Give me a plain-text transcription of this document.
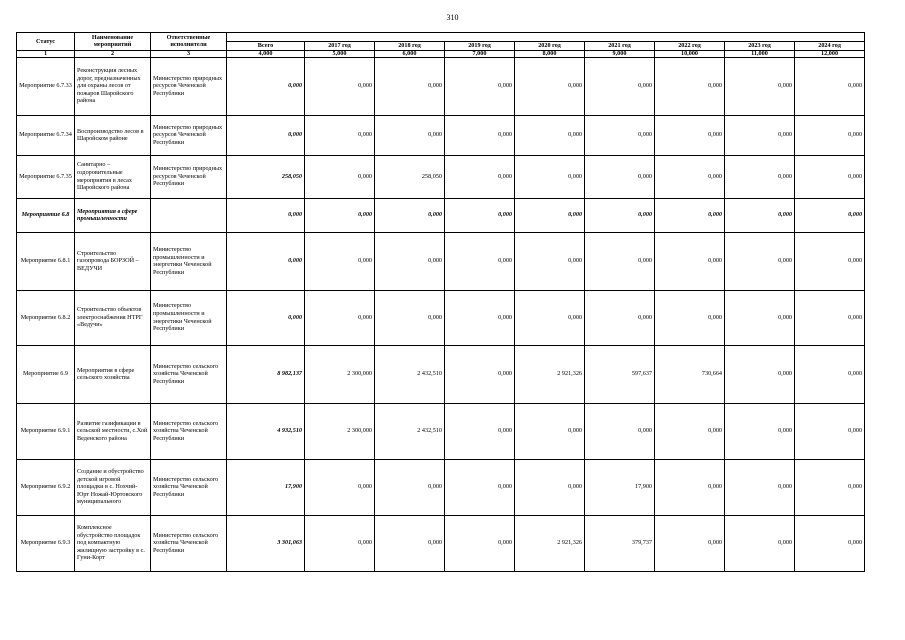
310
Статус	Наименование мероприятий	Ответственные исполнители									
			Всего	2017 год	2018 год	2019 год	2020 год	2021 год	2022 год	2023 год	2024 год
1	2	3	4,000	5,000	6,000	7,000	8,000	9,000	10,000	11,000	12,000
Мероприятие 6.7.33	Реконструкция лесных дорог, предназначенных для охраны лесов от пожаров Шаройского района	Министерство природных ресурсов Чеченской Республики	0,000	0,000	0,000	0,000	0,000	0,000	0,000	0,000	0,000
Мероприятие 6.7.34	Воспроизводство лесов в Шаройском районе	Министерство природных ресурсов Чеченской Республики	0,000	0,000	0,000	0,000	0,000	0,000	0,000	0,000	0,000
Мероприятие 6.7.35	Санитарно – оздоровительные мероприятия в лесах Шаройского района	Министерство природных ресурсов Чеченской Республики	258,050	0,000	258,050	0,000	0,000	0,000	0,000	0,000	0,000
Мероприятие 6.8	Мероприятия в сфере промышленности		0,000	0,000	0,000	0,000	0,000	0,000	0,000	0,000	0,000
Мероприятие 6.8.1	Строительство газопровода БОРЗОЙ – ВЕДУЧИ	Министерство промышленности и энергетики Чеченской Республики	0,000	0,000	0,000	0,000	0,000	0,000	0,000	0,000	0,000
Мероприятие 6.8.2	Строительство объектов электроснабжения НТРГ «Ведучи»	Министерство промышленности и энергетики Чеченской Республики	0,000	0,000	0,000	0,000	0,000	0,000	0,000	0,000	0,000
Мероприятие 6.9	Мероприятия в сфере сельского хозяйства	Министерство сельского хозяйства Чеченской Республики	8 982,137	2 300,000	2 432,510	0,000	2 921,326	597,637	730,664	0,000	0,000
Мероприятие 6.9.1	Развитие газификации в сельской местности, с.Хой Веденского района	Министерство сельского хозяйства Чеченской Республики	4 932,510	2 300,000	2 432,510	0,000	0,000	0,000	0,000	0,000	0,000
Мероприятие 6.9.2	Создание и обустройство детской игровой площадки в с. Нохчий-Юрт Ножай-Юртовского муниципального	Министерство сельского хозяйства Чеченской Республики	17,900	0,000	0,000	0,000	0,000	17,900	0,000	0,000	0,000
Мероприятие 6.9.3	Комплексное обустройство площадок под компактную жилищную застройку в с. Гуни-Корт	Министерство сельского хозяйства Чеченской Республики	3 301,063	0,000	0,000	0,000	2 921,326	379,737	0,000	0,000	0,000
